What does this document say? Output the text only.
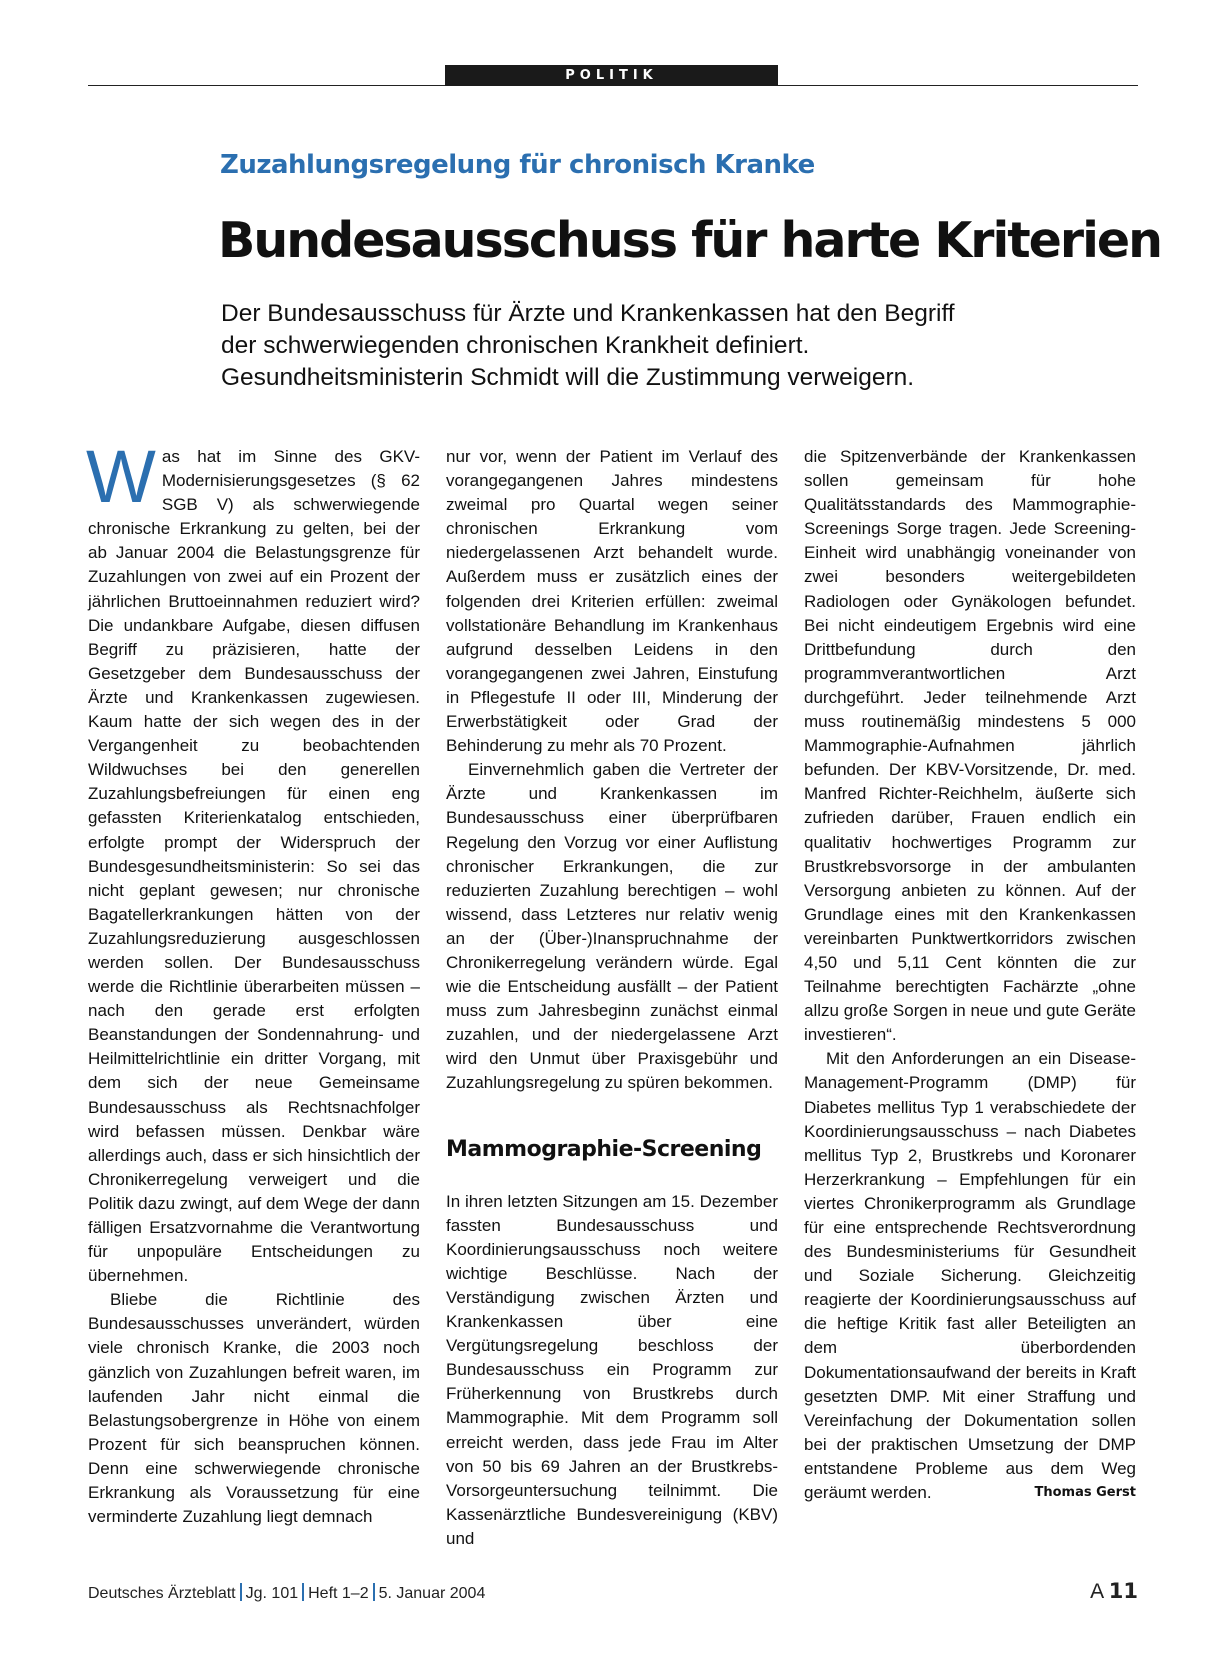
POLITIK
Zuzahlungsregelung für chronisch Kranke
Bundesausschuss für harte Kriterien
Der Bundesausschuss für Ärzte und Krankenkassen hat den Begriff
der schwerwiegenden chronischen Krankheit definiert.
Gesundheitsministerin Schmidt will die Zustimmung verweigern.

Was hat im Sinne des GKV-Modernisierungsgesetzes (§ 62 SGB V) als schwerwiegende chronische Erkrankung zu gelten, bei der ab Januar 2004 die Belastungsgrenze für Zuzahlungen von zwei auf ein Prozent der jährlichen Bruttoeinnahmen reduziert wird? Die undankbare Aufgabe, diesen diffusen Begriff zu präzisieren, hatte der Gesetzgeber dem Bundesausschuss der Ärzte und Krankenkassen zugewiesen. Kaum hatte der sich wegen des in der Vergangenheit zu beobachtenden Wildwuchses bei den generellen Zuzahlungsbefreiungen für einen eng gefassten Kriterienkatalog entschieden, erfolgte prompt der Widerspruch der Bundesgesundheitsministerin: So sei das nicht geplant gewesen; nur chronische Bagatellerkrankungen hätten von der Zuzahlungsreduzierung ausgeschlossen werden sollen. Der Bundesausschuss werde die Richtlinie überarbeiten müssen – nach den gerade erst erfolgten Beanstandungen der Sondennahrung- und Heilmittelrichtlinie ein dritter Vorgang, mit dem sich der neue Gemeinsame Bundesausschuss als Rechtsnachfolger wird befassen müssen. Denkbar wäre allerdings auch, dass er sich hinsichtlich der Chronikerregelung verweigert und die Politik dazu zwingt, auf dem Wege der dann fälligen Ersatzvornahme die Verantwortung für unpopuläre Entscheidungen zu übernehmen.

Bliebe die Richtlinie des Bundesausschusses unverändert, würden viele chronisch Kranke, die 2003 noch gänzlich von Zuzahlungen befreit waren, im laufenden Jahr nicht einmal die Belastungsobergrenze in Höhe von einem Prozent für sich beanspruchen können. Denn eine schwerwiegende chronische Erkrankung als Voraussetzung für eine verminderte Zuzahlung liegt demnach

nur vor, wenn der Patient im Verlauf des vorangegangenen Jahres mindestens zweimal pro Quartal wegen seiner chronischen Erkrankung vom niedergelassenen Arzt behandelt wurde. Außerdem muss er zusätzlich eines der folgenden drei Kriterien erfüllen: zweimal vollstationäre Behandlung im Krankenhaus aufgrund desselben Leidens in den vorangegangenen zwei Jahren, Einstufung in Pflegestufe II oder III, Minderung der Erwerbstätigkeit oder Grad der Behinderung zu mehr als 70 Prozent.

Einvernehmlich gaben die Vertreter der Ärzte und Krankenkassen im Bundesausschuss einer überprüfbaren Regelung den Vorzug vor einer Auflistung chronischer Erkrankungen, die zur reduzierten Zuzahlung berechtigen – wohl wissend, dass Letzteres nur relativ wenig an der (Über-)Inanspruchnahme der Chronikerregelung verändern würde. Egal wie die Entscheidung ausfällt – der Patient muss zum Jahresbeginn zunächst einmal zuzahlen, und der niedergelassene Arzt wird den Unmut über Praxisgebühr und Zuzahlungsregelung zu spüren bekommen.

Mammographie-Screening

In ihren letzten Sitzungen am 15. Dezember fassten Bundesausschuss und Koordinierungsausschuss noch weitere wichtige Beschlüsse. Nach der Verständigung zwischen Ärzten und Krankenkassen über eine Vergütungsregelung beschloss der Bundesausschuss ein Programm zur Früherkennung von Brustkrebs durch Mammographie. Mit dem Programm soll erreicht werden, dass jede Frau im Alter von 50 bis 69 Jahren an der Brustkrebs-Vorsorgeuntersuchung teilnimmt. Die Kassenärztliche Bundesvereinigung (KBV) und

die Spitzenverbände der Krankenkassen sollen gemeinsam für hohe Qualitätsstandards des Mammographie-Screenings Sorge tragen. Jede Screening-Einheit wird unabhängig voneinander von zwei besonders weitergebildeten Radiologen oder Gynäkologen befundet. Bei nicht eindeutigem Ergebnis wird eine Drittbefundung durch den programmverantwortlichen Arzt durchgeführt. Jeder teilnehmende Arzt muss routinemäßig mindestens 5 000 Mammographie-Aufnahmen jährlich befunden. Der KBV-Vorsitzende, Dr. med. Manfred Richter-Reichhelm, äußerte sich zufrieden darüber, Frauen endlich ein qualitativ hochwertiges Programm zur Brustkrebsvorsorge in der ambulanten Versorgung anbieten zu können. Auf der Grundlage eines mit den Krankenkassen vereinbarten Punktwertkorridors zwischen 4,50 und 5,11 Cent könnten die zur Teilnahme berechtigten Fachärzte „ohne allzu große Sorgen in neue und gute Geräte investieren“.

Mit den Anforderungen an ein Disease-Management-Programm (DMP) für Diabetes mellitus Typ 1 verabschiedete der Koordinierungsausschuss – nach Diabetes mellitus Typ 2, Brustkrebs und Koronarer Herzerkrankung – Empfehlungen für ein viertes Chronikerprogramm als Grundlage für eine entsprechende Rechtsverordnung des Bundesministeriums für Gesundheit und Soziale Sicherung. Gleichzeitig reagierte der Koordinierungsausschuss auf die heftige Kritik fast aller Beteiligten an dem überbordenden Dokumentationsaufwand der bereits in Kraft gesetzten DMP. Mit einer Straffung und Vereinfachung der Dokumentation sollen bei der praktischen Umsetzung der DMP entstandene Probleme aus dem Weg geräumt werden.	Thomas Gerst

Deutsches Ärzteblatt Jg. 101 Heft 1–2 5. Januar 2004	A 11
